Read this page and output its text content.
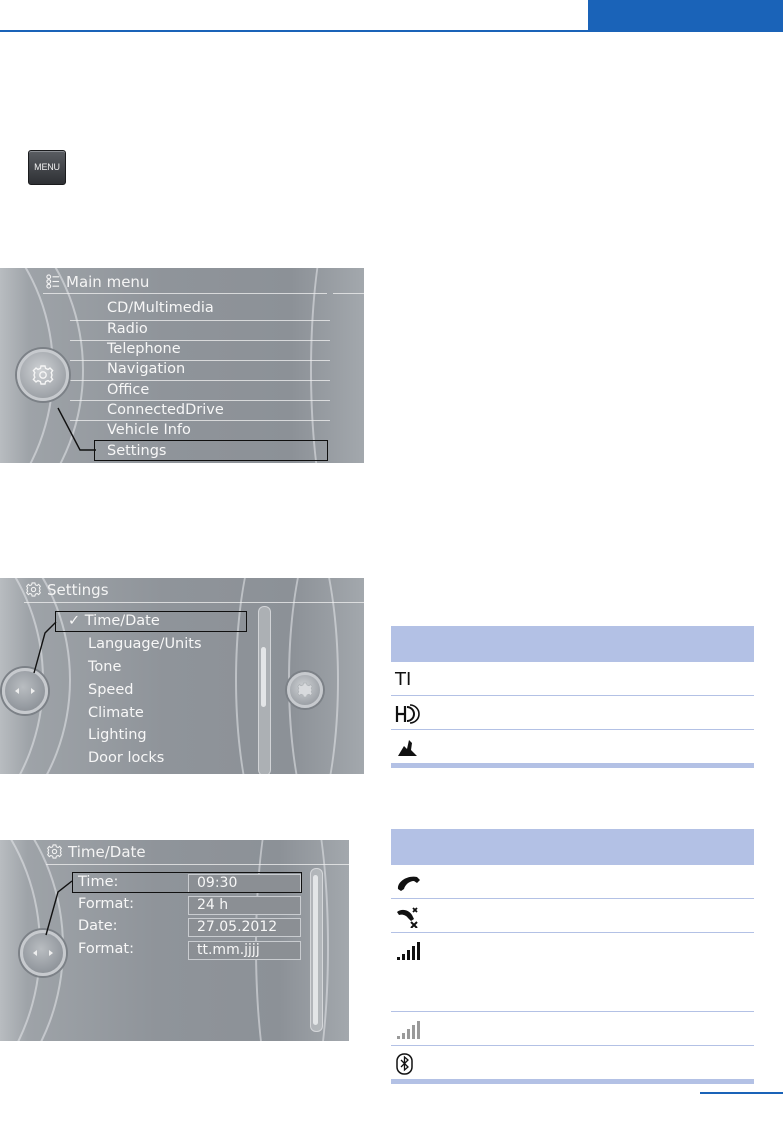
MENU
Main menu
CD/Multimedia
Radio
Telephone
Navigation
Office
ConnectedDrive
Vehicle Info
Settings
Settings
✓ Time/Date
Language/Units
Tone
Speed
Climate
Lighting
Door locks
Time/Date
Time:	09:30
Format:	24 h
Date:	27.05.2012
Format:	tt.mm.jjjj
TI
